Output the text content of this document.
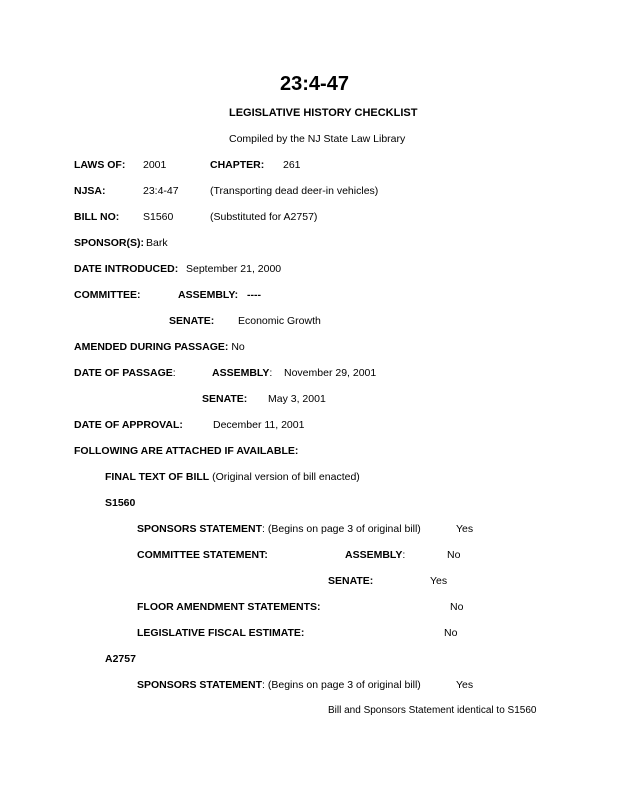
23:4-47
LEGISLATIVE HISTORY CHECKLIST
Compiled by the NJ State Law Library
LAWS OF: 2001	CHAPTER: 261
NJSA:	23:4-47	(Transporting dead deer-in vehicles)
BILL NO: S1560	(Substituted for A2757)
SPONSOR(S): Bark
DATE INTRODUCED: September 21, 2000
COMMITTEE:	ASSEMBLY: ----
SENATE: Economic Growth
AMENDED DURING PASSAGE: No
DATE OF PASSAGE:	ASSEMBLY: November 29, 2001
SENATE: May 3, 2001
DATE OF APPROVAL:	December 11, 2001
FOLLOWING ARE ATTACHED IF AVAILABLE:
FINAL TEXT OF BILL (Original version of bill enacted)
S1560
SPONSORS STATEMENT: (Begins on page 3 of original bill)	Yes
COMMITTEE STATEMENT:	ASSEMBLY:	No
SENATE:	Yes
FLOOR AMENDMENT STATEMENTS:	No
LEGISLATIVE FISCAL ESTIMATE:	No
A2757
SPONSORS STATEMENT: (Begins on page 3 of original bill)	Yes
Bill and Sponsors Statement identical to S1560
